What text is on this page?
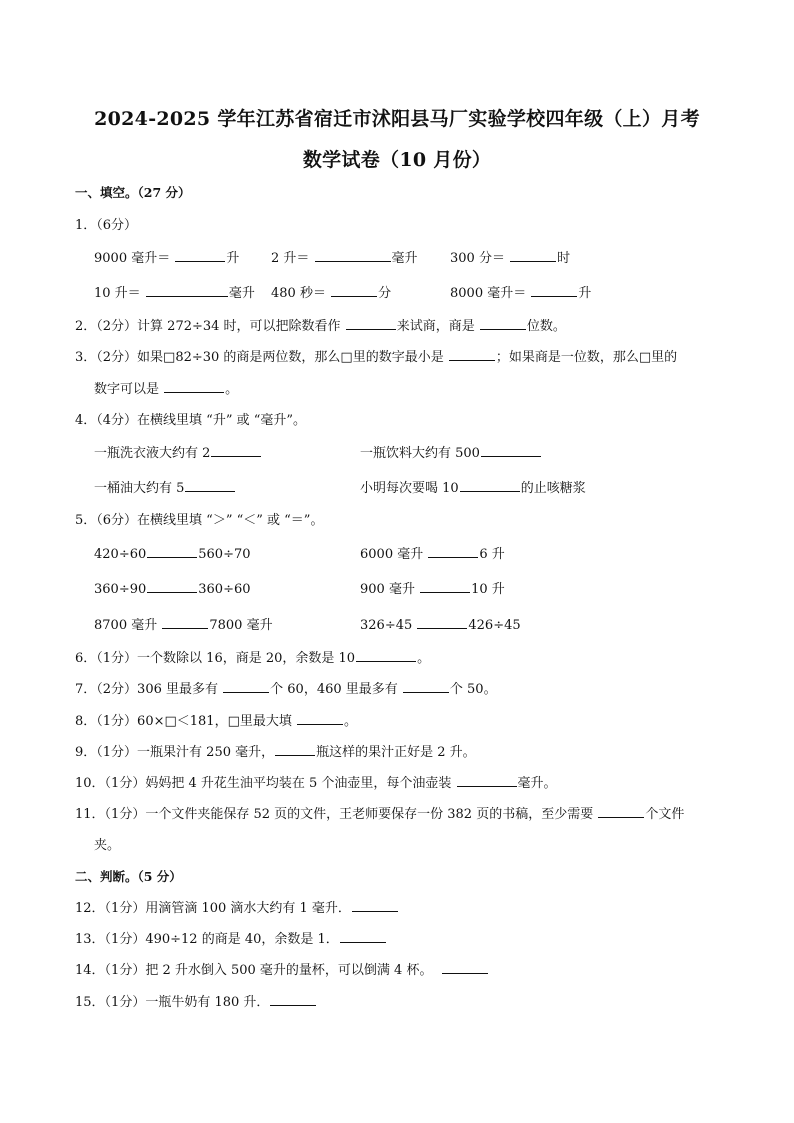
2024-2025 学年江苏省宿迁市沭阳县马厂实验学校四年级（上）月考
数学试卷（10 月份）
一、填空。（27 分）
1．（6分）
9000 毫升＝	升 2 升＝	毫升 300 分＝	时
10 升＝	毫升 480 秒＝	分	8000 毫升＝	升
2．（2分）计算 272÷34 时，可以把除数看作	来试商，商是	位数。
3．（2分）如果□82÷30 的商是两位数，那么□里的数字最小是	；如果商是一位数，那么□里的
数字可以是	。
4．（4分）在横线里填 “升” 或 “毫升”。
一瓶洗衣液大约有 2	一瓶饮料大约有 500
一桶油大约有 5	小明每次要喝 10	的止咳糖浆
5．（6分）在横线里填 “＞” “＜” 或 “＝”。
420÷60	560÷70	6000 毫升	6 升
360÷90	360÷60	900 毫升	10 升
8700 毫升	7800 毫升	326÷45	426÷45
6．（1分）一个数除以 16，商是 20，余数是 10	。
7．（2分）306 里最多有	个 60，460 里最多有	个 50。
8．（1分）60×□＜181，□里最大填	。
9．（1分）一瓶果汁有 250 毫升，	瓶这样的果汁正好是 2 升。
10．（1分）妈妈把 4 升花生油平均装在 5 个油壶里，每个油壶装	毫升。
11．（1分）一个文件夹能保存 52 页的文件，王老师要保存一份 382 页的书稿，至少需要	个文件
夹。
二、判断。（5 分）
12．（1分）用滴管滴 100 滴水大约有 1 毫升．
13．（1分）490÷12 的商是 40，余数是 1．
14．（1分）把 2 升水倒入 500 毫升的量杯，可以倒满 4 杯。
15．（1分）一瓶牛奶有 180 升．
